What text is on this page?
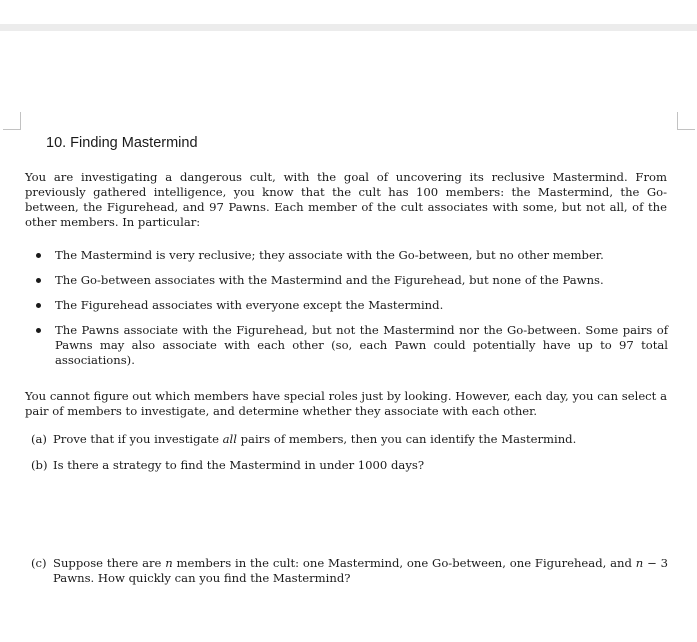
10. Finding Mastermind
You are investigating a dangerous cult, with the goal of uncovering its reclusive Mastermind. From previously gathered intelligence, you know that the cult has 100 members: the Mastermind, the Go-between, the Figurehead, and 97 Pawns. Each member of the cult associates with some, but not all, of the other members. In particular:
The Mastermind is very reclusive; they associate with the Go-between, but no other member.
The Go-between associates with the Mastermind and the Figurehead, but none of the Pawns.
The Figurehead associates with everyone except the Mastermind.
The Pawns associate with the Figurehead, but not the Mastermind nor the Go-between. Some pairs of Pawns may also associate with each other (so, each Pawn could potentially have up to 97 total associations).
You cannot figure out which members have special roles just by looking. However, each day, you can select a pair of members to investigate, and determine whether they associate with each other.
(a) Prove that if you investigate all pairs of members, then you can identify the Mastermind.
(b) Is there a strategy to find the Mastermind in under 1000 days?
(c) Suppose there are n members in the cult: one Mastermind, one Go-between, one Figurehead, and n − 3 Pawns. How quickly can you find the Mastermind?
